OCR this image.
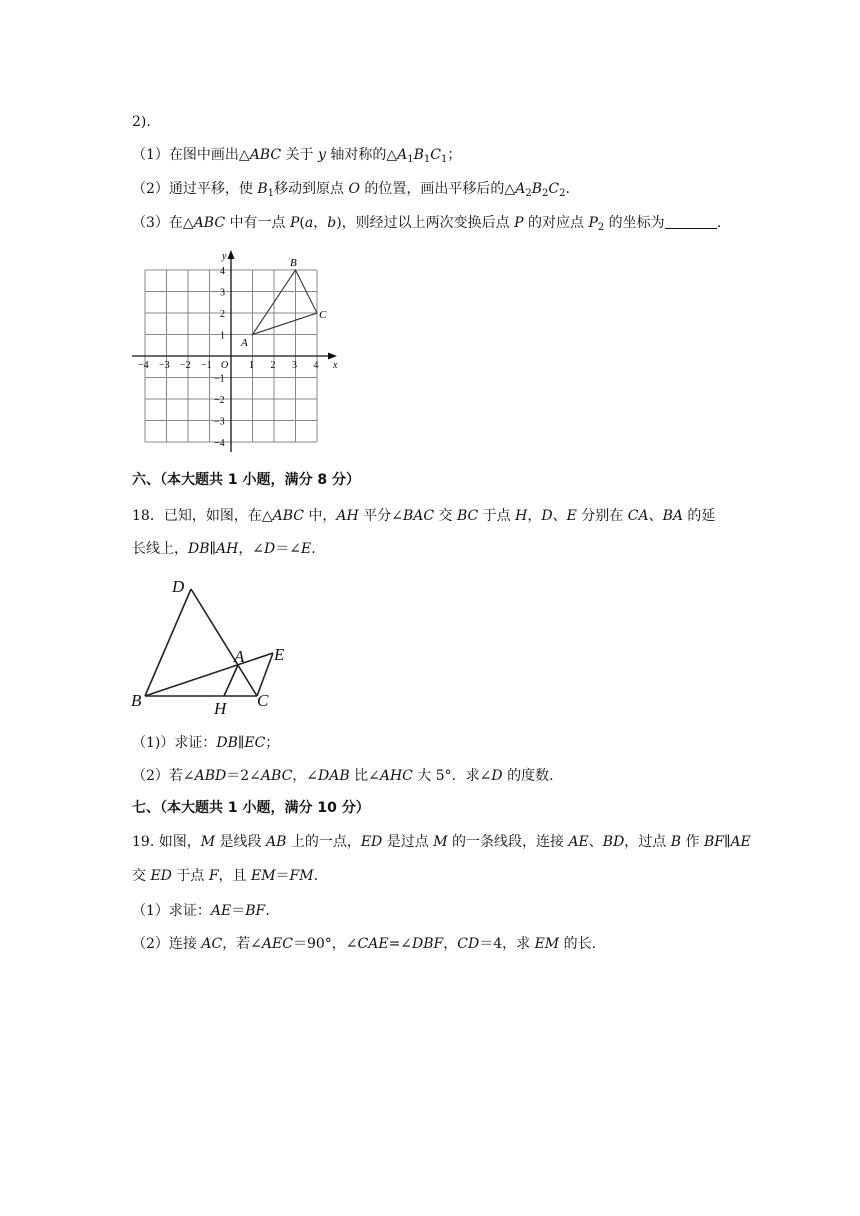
2).
（1）在图中画出△ABC 关于 y 轴对称的$\triangle A_1B_1C_1$；
（2）通过平移，使 $B_1$移动到原点 O 的位置，画出平移后的$\triangle A_2B_2C_2$.
（3）在△ABC 中有一点 P(a，b)，则经过以上两次变换后点 P 的对应点 $P_2$ 的坐标为	.
y
x
O
−4 −3 −2 −1	1 2 3 4
4
3
2
1
−1
−2
−3
−4
A
B
C
六、（本大题共 1 小题，满分 8 分）
18．已知，如图，在△ABC 中，AH 平分∠BAC 交 BC 于点 H，D、E 分别在 CA、BA 的延
长线上，DB∥AH，∠D＝∠E.
D
A E
B	H C
（1)）求证：DB∥EC；
（2）若∠ABD＝2∠ABC，∠DAB 比∠AHC 大 5°．求∠D 的度数.
七、（本大题共 1 小题，满分 10 分）
19. 如图，M 是线段 AB 上的一点，ED 是过点 M 的一条线段，连接 AE、BD，过点 B 作 BF∥AE
交 ED 于点 F，且 EM＝FM.
（1）求证：AE＝BF.
（2）连接 AC，若∠AEC＝90°，∠CAE=∠DBF，CD＝4，求 EM 的长.
